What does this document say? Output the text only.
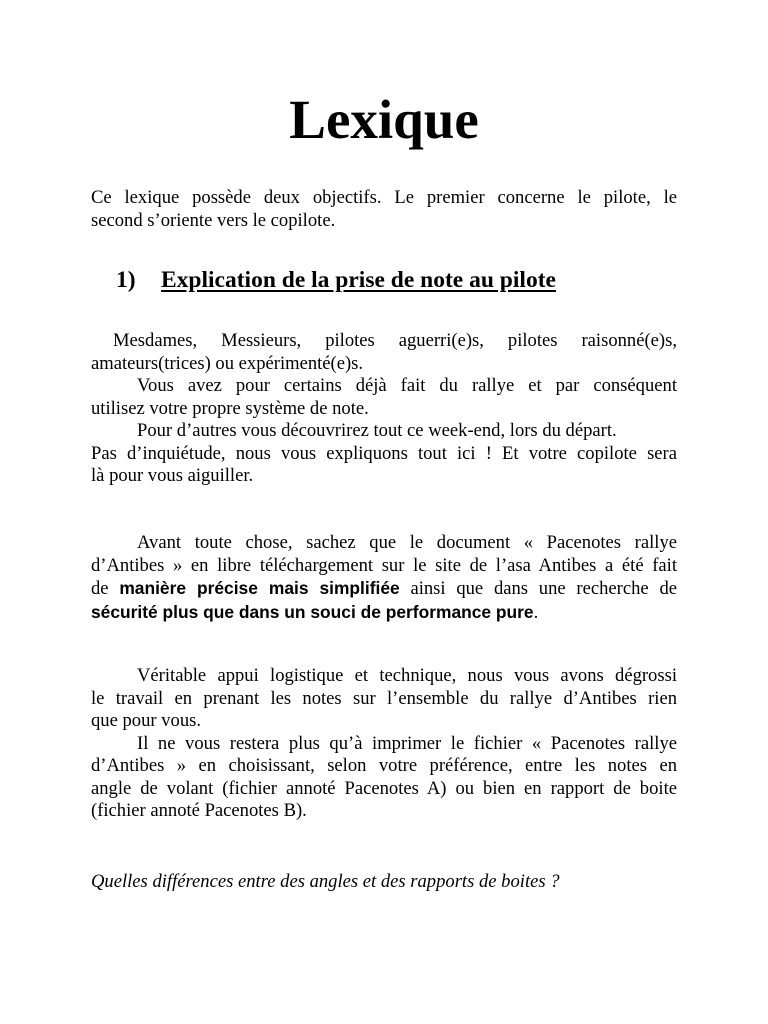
Lexique
Ce lexique possède deux objectifs. Le premier concerne le pilote, le
second s’oriente vers le copilote.
1) Explication de la prise de note au pilote
Mesdames, Messieurs, pilotes aguerri(e)s, pilotes raisonné(e)s,
amateurs(trices) ou expérimenté(e)s.
Vous avez pour certains déjà fait du rallye et par conséquent
utilisez votre propre système de note.
Pour d’autres vous découvrirez tout ce week-end, lors du départ.
Pas d’inquiétude, nous vous expliquons tout ici ! Et votre copilote sera
là pour vous aiguiller.
Avant toute chose, sachez que le document « Pacenotes rallye
d’Antibes » en libre téléchargement sur le site de l’asa Antibes a été fait
de manière précise mais simplifiée ainsi que dans une recherche de
sécurité plus que dans un souci de performance pure.
Véritable appui logistique et technique, nous vous avons dégrossi
le travail en prenant les notes sur l’ensemble du rallye d’Antibes rien
que pour vous.
Il ne vous restera plus qu’à imprimer le fichier « Pacenotes rallye
d’Antibes » en choisissant, selon votre préférence, entre les notes en
angle de volant (fichier annoté Pacenotes A) ou bien en rapport de boite
(fichier annoté Pacenotes B).

Quelles différences entre des angles et des rapports de boites ?
